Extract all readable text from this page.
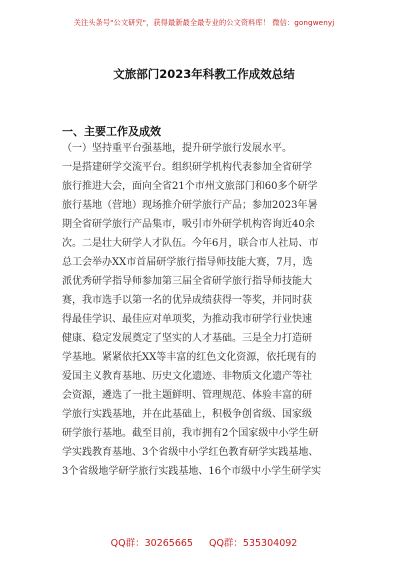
关注头条号"公文研究"，获得最新最全最专业的公文资料库！ 微信：gongwenyj
文旅部门2023年科教工作成效总结
一、主要工作及成效
（一）坚持重平台强基地，提升研学旅行发展水平。
一是搭建研学交流平台。组织研学机构代表参加全省研学
旅行推进大会，面向全省21个市州文旅部门和60多个研学
旅行基地（营地）现场推介研学旅行产品；参加2023年暑
期全省研学旅行产品集市，吸引市外研学机构咨询近40余
次。二是壮大研学人才队伍。今年6月，联合市人社局、市
总工会举办XX市首届研学旅行指导师技能大赛，7月，选
派优秀研学指导师参加第三届全省研学旅行指导师技能大
赛，我市选手以第一名的优异成绩获得一等奖，并同时获
得最佳学识、最佳应对单项奖，为推动我市研学行业快速
健康、稳定发展奠定了坚实的人才基础。三是全力打造研
学基地。紧紧依托XX等丰富的红色文化资源，依托现有的
爱国主义教育基地、历史文化遗迹、非物质文化遗产等社
会资源，遴选了一批主题鲜明、管理规范、体验丰富的研
学旅行实践基地，并在此基础上，积极争创省级、国家级
研学旅行基地。截至目前，我市拥有2个国家级中小学生研
学实践教育基地、3个省级中小学红色教育研学实践基地、
3个省级地学研学旅行实践基地、16个市级中小学生研学实
QQ群：30265665 QQ群：535304092
